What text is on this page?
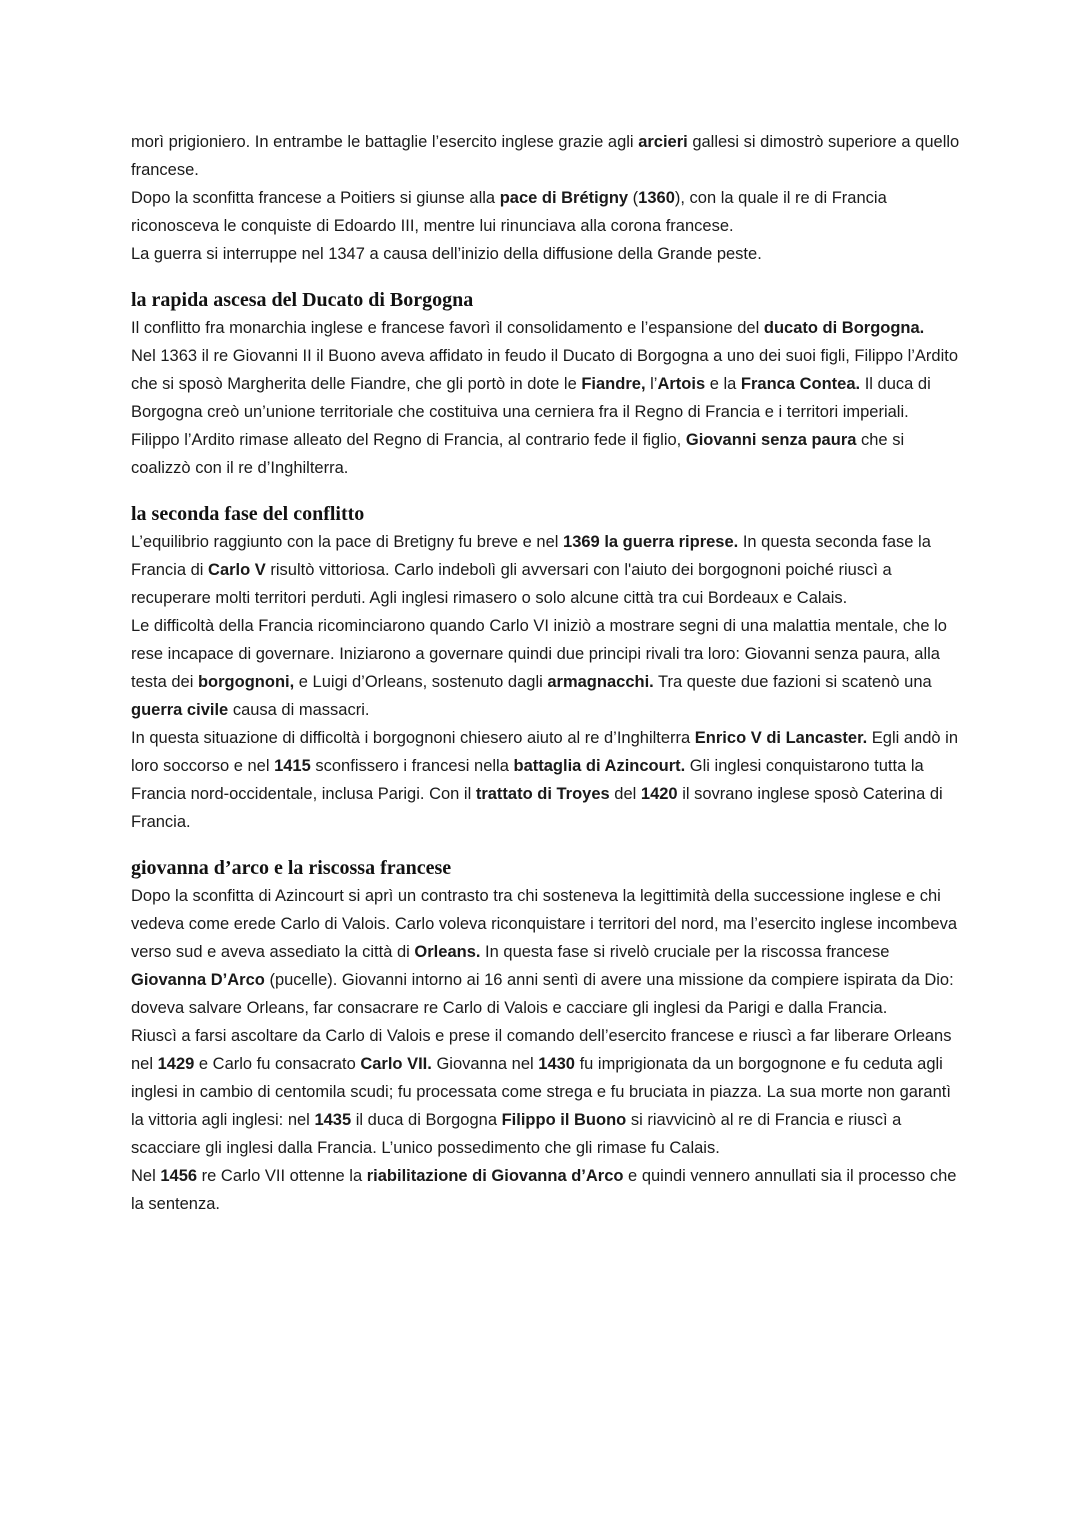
morì prigioniero. In entrambe le battaglie l’esercito inglese grazie agli arcieri gallesi si dimostrò superiore a quello francese.

Dopo la sconfitta francese a Poitiers si giunse alla pace di Brétigny (1360), con la quale il re di Francia riconosceva le conquiste di Edoardo III, mentre lui rinunciava alla corona francese.

La guerra si interruppe nel 1347 a causa dell’inizio della diffusione della Grande peste.

la rapida ascesa del Ducato di Borgogna

Il conflitto fra monarchia inglese e francese favorì il consolidamento e l’espansione del ducato di Borgogna.

Nel 1363 il re Giovanni II il Buono aveva affidato in feudo il Ducato di Borgogna a uno dei suoi figli, Filippo l’Ardito che si sposò Margherita delle Fiandre, che gli portò in dote le Fiandre, l’Artois e la Franca Contea. Il duca di Borgogna creò un’unione territoriale che costituiva una cerniera fra il Regno di Francia e i territori imperiali. Filippo l’Ardito rimase alleato del Regno di Francia, al contrario fede il figlio, Giovanni senza paura che si coalizzò con il re d’Inghilterra.

la seconda fase del conflitto

L’equilibrio raggiunto con la pace di Bretigny fu breve e nel 1369 la guerra riprese. In questa seconda fase la Francia di Carlo V risultò vittoriosa. Carlo indebolì gli avversari con l'aiuto dei borgognoni poiché riuscì a recuperare molti territori perduti. Agli inglesi rimasero o solo alcune città tra cui Bordeaux e Calais.

Le difficoltà della Francia ricominciarono quando Carlo VI iniziò a mostrare segni di una malattia mentale, che lo rese incapace di governare. Iniziarono a governare quindi due principi rivali tra loro: Giovanni senza paura, alla testa dei borgognoni, e Luigi d’Orleans, sostenuto dagli armagnacchi. Tra queste due fazioni si scatenò una guerra civile causa di massacri.

In questa situazione di difficoltà i borgognoni chiesero aiuto al re d’Inghilterra Enrico V di Lancaster. Egli andò in loro soccorso e nel 1415 sconfissero i francesi nella battaglia di Azincourt. Gli inglesi conquistarono tutta la Francia nord-occidentale, inclusa Parigi. Con il trattato di Troyes del 1420 il sovrano inglese sposò Caterina di Francia.

giovanna d’arco e la riscossa francese

Dopo la sconfitta di Azincourt si aprì un contrasto tra chi sosteneva la legittimità della successione inglese e chi vedeva come erede Carlo di Valois. Carlo voleva riconquistare i territori del nord, ma l’esercito inglese incombeva verso sud e aveva assediato la città di Orleans. In questa fase si rivelò cruciale per la riscossa francese Giovanna D’Arco (pucelle). Giovanni intorno ai 16 anni sentì di avere una missione da compiere ispirata da Dio: doveva salvare Orleans, far consacrare re Carlo di Valois e cacciare gli inglesi da Parigi e dalla Francia.

Riuscì a farsi ascoltare da Carlo di Valois e prese il comando dell’esercito francese e riuscì a far liberare Orleans nel 1429 e Carlo fu consacrato Carlo VII. Giovanna nel 1430 fu imprigionata da un borgognone e fu ceduta agli inglesi in cambio di centomila scudi; fu processata come strega e fu bruciata in piazza. La sua morte non garantì la vittoria agli inglesi: nel 1435 il duca di Borgogna Filippo il Buono si riavvicinò al re di Francia e riuscì a scacciare gli inglesi dalla Francia. L’unico possedimento che gli rimase fu Calais.

Nel 1456 re Carlo VII ottenne la riabilitazione di Giovanna d’Arco e quindi vennero annullati sia il processo che la sentenza.
